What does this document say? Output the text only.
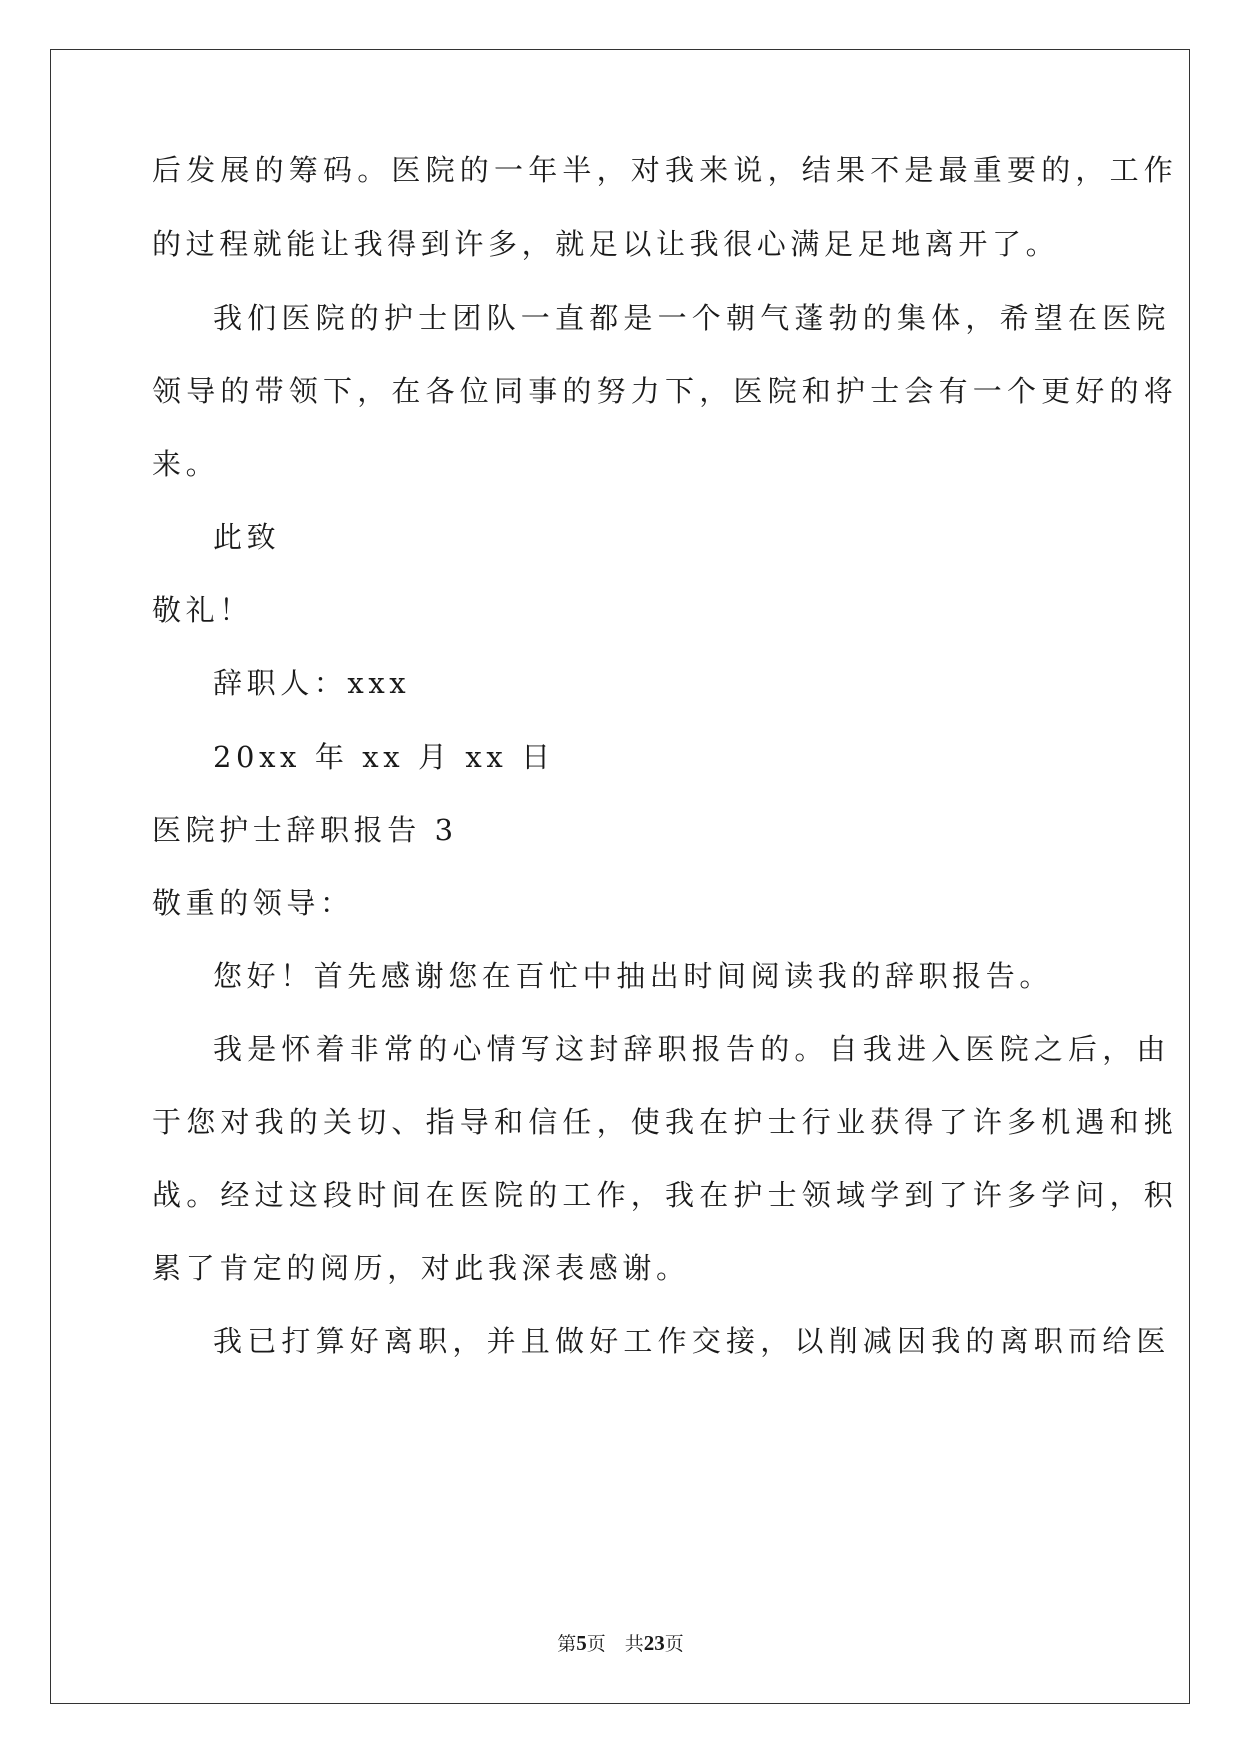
后发展的筹码。医院的一年半，对我来说，结果不是最重要的，工作
的过程就能让我得到许多，就足以让我很心满足足地离开了。
我们医院的护士团队一直都是一个朝气蓬勃的集体，希望在医院
领导的带领下，在各位同事的努力下，医院和护士会有一个更好的将
来。
此致
敬礼！
辞职人：xxx
20xx 年 xx 月 xx 日
医院护士辞职报告 3
敬重的领导：
您好！首先感谢您在百忙中抽出时间阅读我的辞职报告。
我是怀着非常的心情写这封辞职报告的。自我进入医院之后，由
于您对我的关切、指导和信任，使我在护士行业获得了许多机遇和挑
战。经过这段时间在医院的工作，我在护士领域学到了许多学问，积
累了肯定的阅历，对此我深表感谢。
我已打算好离职，并且做好工作交接，以削减因我的离职而给医
第5页　共23页
